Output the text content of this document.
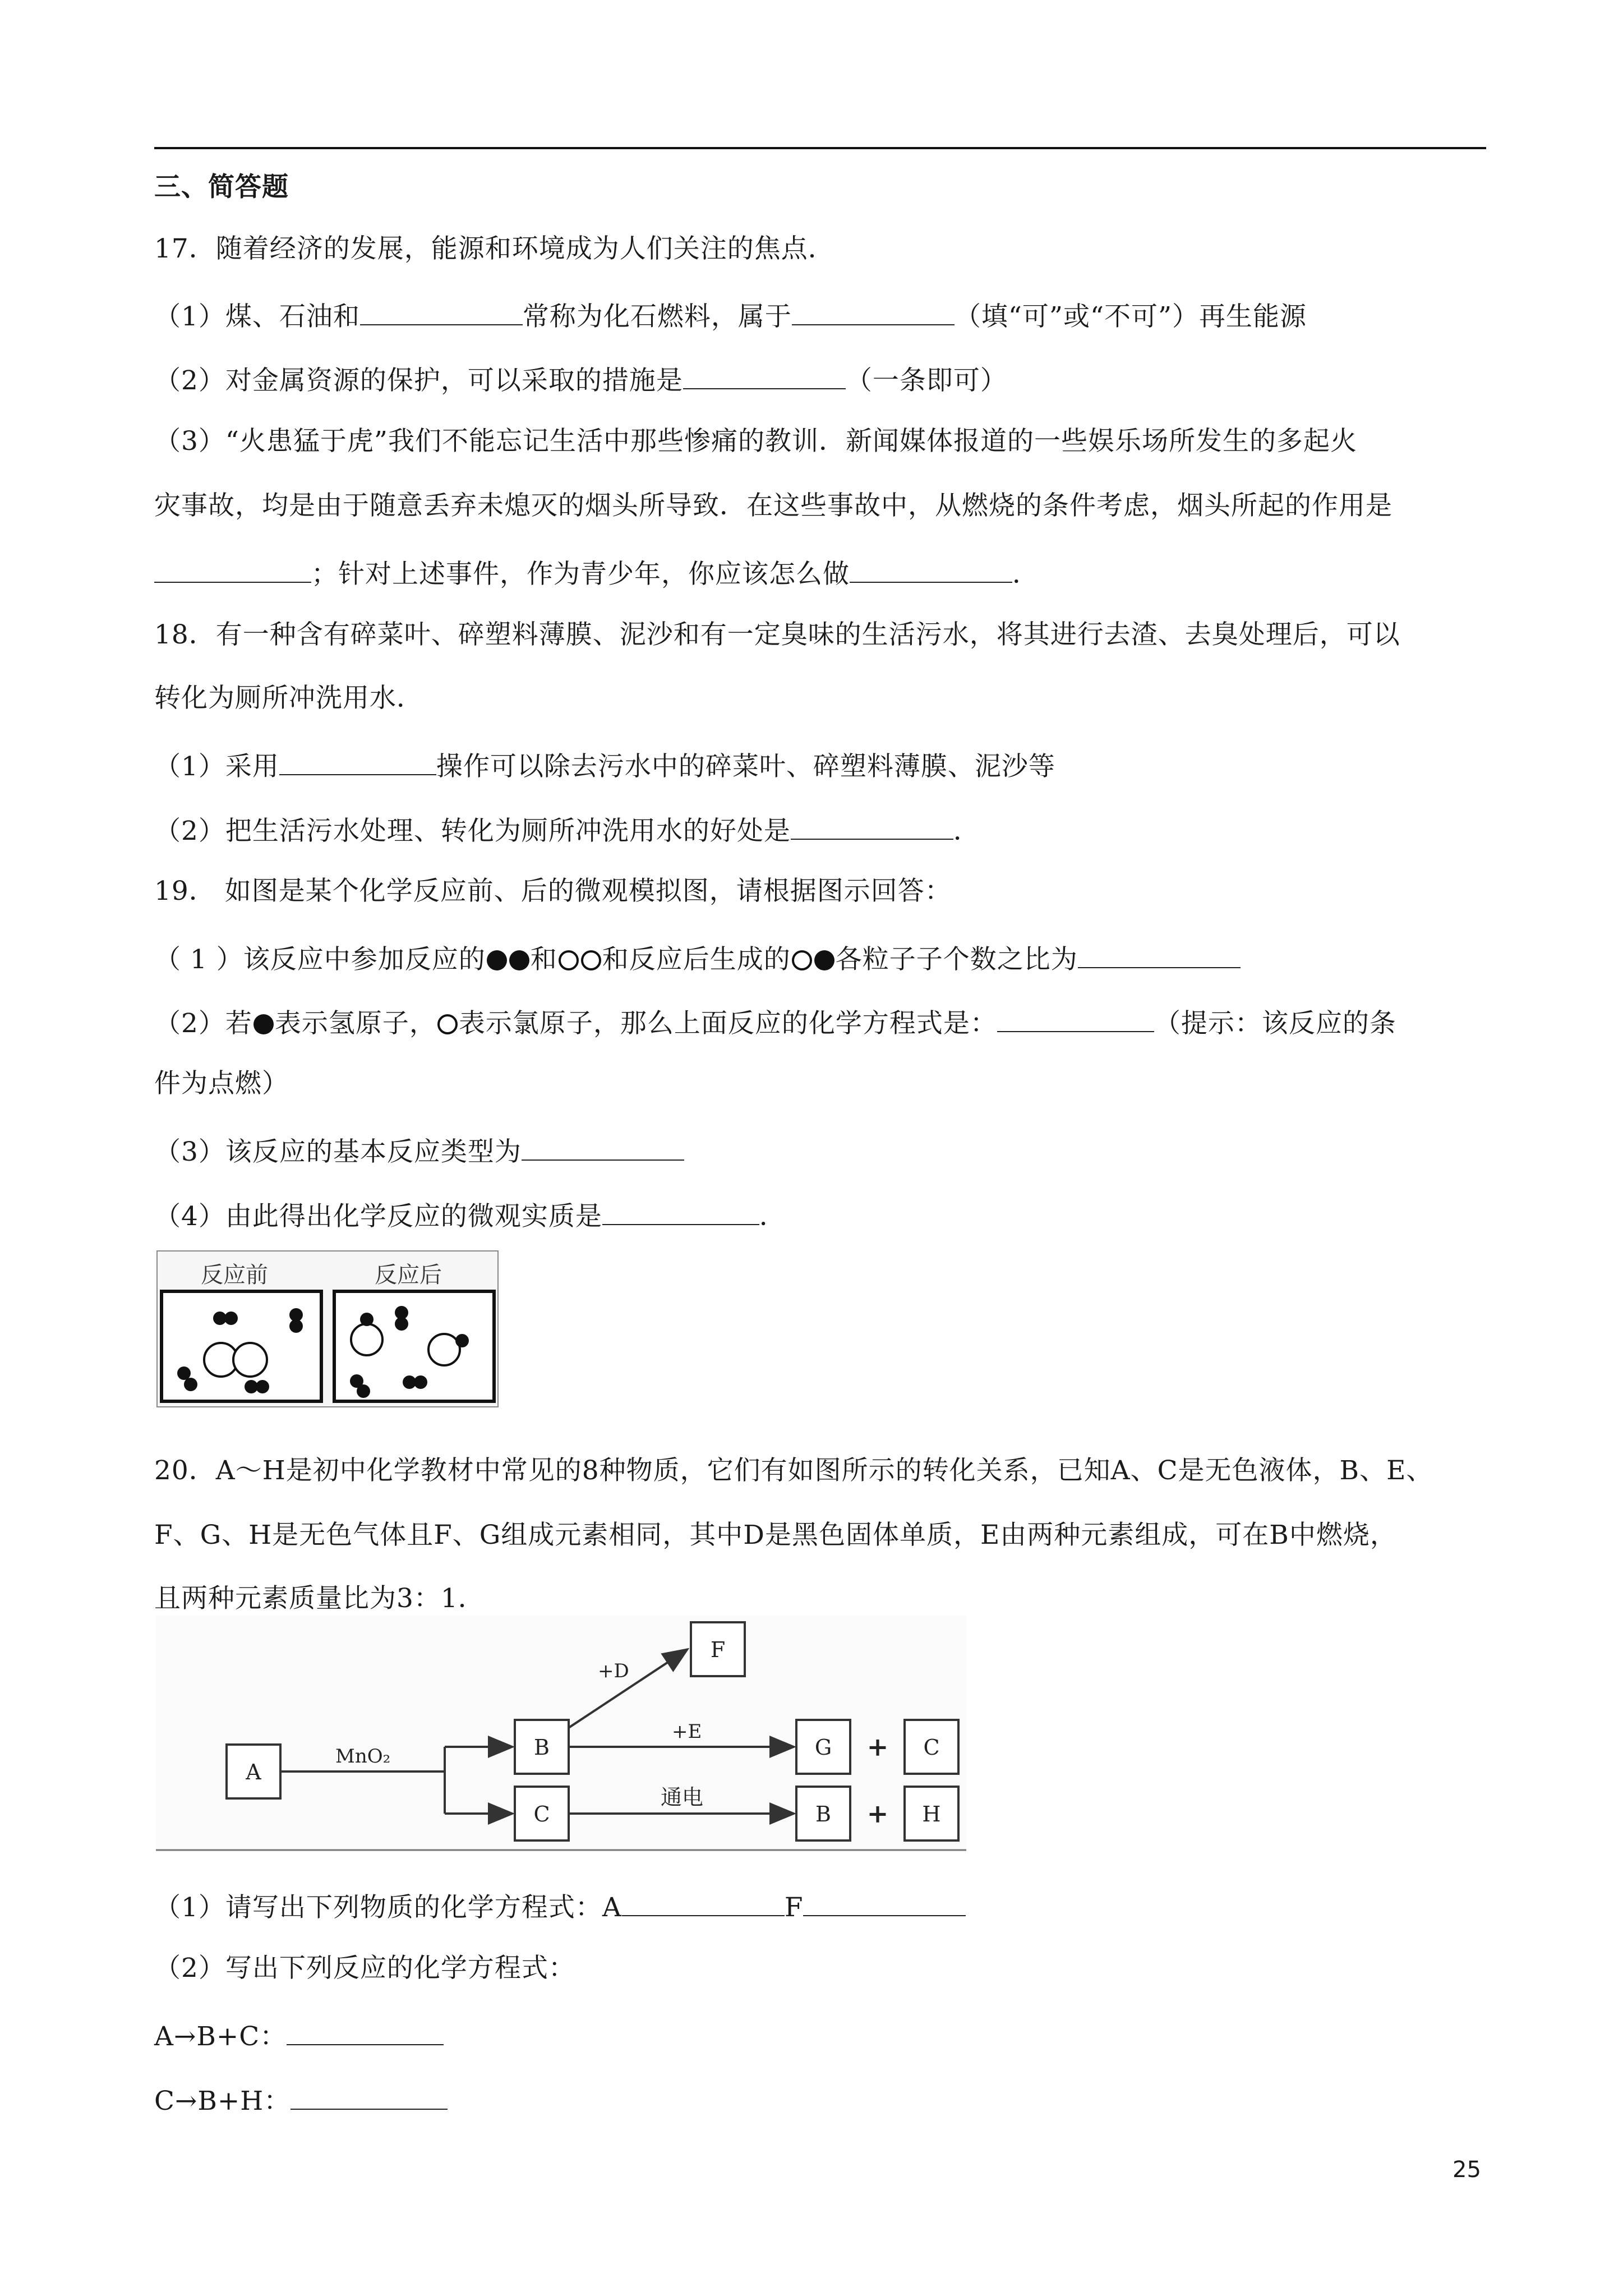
三、简答题
17．随着经济的发展，能源和环境成为人们关注的焦点．
（1）煤、石油和	常称为化石燃料，属于	（填“可”或“不可”）再生能源
（2）对金属资源的保护，可以采取的措施是	（一条即可）
（3）“火患猛于虎”我们不能忘记生活中那些惨痛的教训．新闻媒体报道的一些娱乐场所发生的多起火
灾事故，均是由于随意丢弃未熄灭的烟头所导致．在这些事故中，从燃烧的条件考虑，烟头所起的作用是
；针对上述事件，作为青少年，你应该怎么做	．
18．有一种含有碎菜叶、碎塑料薄膜、泥沙和有一定臭味的生活污水，将其进行去渣、去臭处理后，可以
转化为厕所冲洗用水．
（1）采用	操作可以除去污水中的碎菜叶、碎塑料薄膜、泥沙等
（2）把生活污水处理、转化为厕所冲洗用水的好处是	．
19． 如图是某个化学反应前、后的微观模拟图，请根据图示回答：
（ 1 ）该反应中参加反应的 和 和反应后生成的 各粒子子个数之比为
（2）若 表示氢原子， 表示氯原子，那么上面反应的化学方程式是：	（提示：该反应的条
件为点燃）
（3）该反应的基本反应类型为
（4）由此得出化学反应的微观实质是	．
反应前	反应后
20．A～H是初中化学教材中常见的8种物质，它们有如图所示的转化关系，已知A、C是无色液体，B、E、
F、G、H是无色气体且F、G组成元素相同，其中D是黑色固体单质，E由两种元素组成，可在B中燃烧，
且两种元素质量比为3：1．
A
B
C
F
G	C
B	H
+
+
MnO₂
+D
+E
通电
（1）请写出下列物质的化学方程式：A	F
（2）写出下列反应的化学方程式：
A→B+C：
C→B+H：
25
